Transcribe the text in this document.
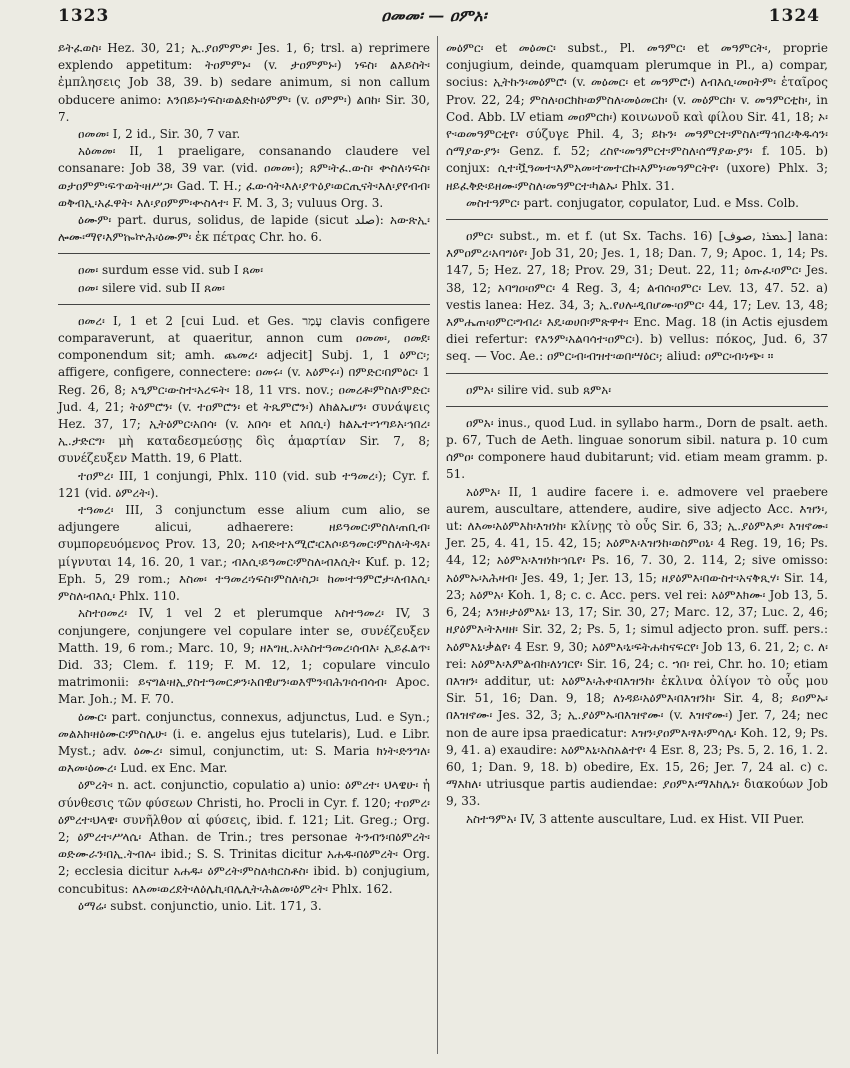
1323	ዐመመ፡ — ዐምአ፡	1324

ይትፈወስ፡ Hez. 30, 21; ኢ.ያዐምምዎ፡ Jes. 1, 6; trsl. a) reprimere explendo appetitum: ትዐምምኑ፡ (v. ታዐምምኑ፡) ነፍስ፡ ልእይስት፡ ἐμπλησεις Job 38, 39. b) sedare animum, si non callum obducere animo: እንበይኑ፡ነፍስ፡ወልድከ፡ዕምም፡ (v. ዐምም፡) ልበከ፡ Sir. 30, 7.

ዐመመ፡ I, 2 id., Sir. 30, 7 var.

አዕመመ፡ II, 1 praeligare, consanando claudere vel consanare: Job 38, 39 var. (vid. ዐመመ፡); ጸም፡ትፈ.ውስ፡ ቍስለ፡ነፍስ፡ወታዐምም፡ፍጥወት፡ዘሥጋ፡ Gad. T. H.; ፈውሳት፡እለ፡ያጥዕያ፡ወርጢናት፡እለ፡ያየብብ፡ወቅብኢ፡አፈዋት፡ እለ፡ያዐምም፡ቍስላተ፡ F. M. 3, 3; vuluus Org. 3.

ዕሙም፡ part. durus, solidus, de lapide (sicut صلد): አውጽኢ፡ሎሙ፡ማየ፡እምኰኵሕ፡ዕሙም፡ ἐκ πέτρας Chr. ho. 6.

ዐመ፡ surdum esse vid. sub I ጸመ፡

ዐመ፡ silere vid. sub II ጸመ፡

ዐመረ፡ I, 1 et 2 [cui Lud. et Ges. עָמַר clavis configere comparaverunt, at quaeritur, annon cum ዐመመ፡, ዐመደ፡ componendum sit; amh. ጨመረ፡ adjecit] Subj. 1, 1 ዕምር፡; affigere, configere, connectere: ዐመሩ፡ (v. አዕምሩ፡) በምድር፡በምዕር፡ 1 Reg. 26, 8; አዒምር፡ውስተ፡አረፍት፡ 18, 11 vrs. nov.; ዐመረቶ፡ምስለ፡ምድር፡ Jud. 4, 21; ትዕምሮን፡ (v. ተዐምሮን፡ et ትጼምሮን፡) ለክልኤሆን፡ συνάψεις Hez. 37, 17; ኢትዕምር፡አበሳ፡ (v. አበሳ፡ et አበሲ፡) ክልኤተ፡ኀጣይአ፡ኅበረ፡ኢ.ታድርግ፡ μὴ καταδεσμεύσῃς δὶς ἁμαρτίαν Sir. 7, 8; συνέζευξεν Matth. 19, 6 Platt.

ተዐምረ፡ III, 1 conjungi, Phlx. 110 (vid. sub ተዓመረ፡); Cyr. f. 121 (vid. ዕምረት፡).

ተዓመረ፡ III, 3 conjunctum esse alium cum alio, se adjungere alicui, adhaerere: ዘይዓመር፡ምስለ፡ጠቢብ፡ συμπορευόμενος Prov. 13, 20; አብድ፡ተአሚሮ፡ርእሶ፡ይዓመር፡ምስለ፡ትዳእ፡ μίγνυται 14, 16. 20, 1 var.; ብእሲ፡ይዓመር፡ምስለ፡ብእሲት፡ Kuf. p. 12; Eph. 5, 29 rom.; እስመ፡ ተዓመረ፡ነፍስ፡ምስለ፡ስጋ፡ ከመ፡ተዓምሮታ፡ለብእሲ፡ ምስለ፡ብእሲ፡ Phlx. 110.

አስተዐመረ፡ IV, 1 vel 2 et plerumque አስተዓመረ፡ IV, 3 conjungere, conjungere vel copulare inter se, συνέζευξεν Matth. 19, 6 rom.; Marc. 10, 9; ዘእግዚ.አ፡አስተዓመረ፡ሰብእ፡ ኢይፈልጥ፡ Did. 33; Clem. f. 119; F. M. 12, 1; copulare vinculo matrimonii: ይናግል፡ዘኢያስተዓመርዎን፡አበዊሆን፡ወእሞን፡በሕገ፡ሰብሳብ፡ Apoc. Mar. Joh.; M. F. 70.

ዕሙር፡ part. conjunctus, connexus, adjunctus, Lud. e Syn.; መልአክ፡ዘዕሙር፡ምስሌሁ፡ (i. e. angelus ejus tutelaris), Lud. e Libr. Myst.; adv. ዕሙረ፡ simul, conjunctim, ut: S. Maria ክነት፡ድንግለ፡ወእመ፡ዕሙረ፡ Lud. ex Enc. Mar.

ዕምረት፡ n. act. conjunctio, copulatio a) unio: ዕምረተ፡ ህላዌሁ፡ ἡ σύνθεσις τῶν φύσεων Christi, ho. Procli in Cyr. f. 120; ተዐምረ፡ዕምረተ፡ህላዌ፡ συνῆλθον αἱ φύσεις, ibid. f. 121; Lit. Greg.; Org. 2; ዕምረተ፡ሥላሴ፡ Athan. de Trin.; tres personae ትንብን፡በዕምረት፡ወድሙራን፡በኢ.ትብሉ፡ ibid.; S. S. Trinitas dicitur አሐዱ፡በዕምረት፡ Org. 2; ecclesia dicitur አሐዱ፡ ዕምረት፡ምስለ፡ክርስቶስ፡ ibid. b) conjugium, concubitus: ለእመ፡ወረደት፡ለዕሌኪ፡በሌሊት፡ሕልመ፡ዕምረት፡ Phlx. 162.

ዕማሬ፡ subst. conjunctio, unio. Lit. 171, 3.

መዕምር፡ et መዕመር፡ subst., Pl. መዓምር፡ et መዓምርት፡, proprie conjugium, deinde, quamquam plerumque in Pl., a) compar, socius: ኢትኩን፡መዕምሮ፡ (v. መዕመር፡ et መዓምሮ፡) ለብእሲ፡መዐትም፡ ἑταῖρος Prov. 22, 24; ምስለ፡ዐርክከ፡ወምስለ፡መዕመርከ፡ (v. መዕምርከ፡ v. መዓምርቲከ፡, in Cod. Abb. LV etiam መዐምርከ፡) κοινωνοῦ καὶ φίλου Sir. 41, 18; ኦ፡ዮ፡ወመዓምርቲየ፡ σύζυγε Phil. 4, 3; ይኩን፡ መዓምርተ፡ምስለ፡ማኅበረ፡ቅዱሳን፡ሰማያውያን፡ Genz. f. 52; ረስዮ፡መዓምርተ፡ምስለ፡ሰማያውያን፡ f. 105. b) conjux: ሲተ፡ቯዓመተ፡እምአመ፡ተመተርኩ፡እምነ፡መዓምርትየ፡ (uxore) Phlx. 3; ዘይፈቅድ፡ይዘሙ፡ምስለ፡መዓምርተ፡ካልኡ፡ Phlx. 31.

መስተዓምር፡ part. conjugator, copulator, Lud. e Mss. Colb.

ዐምር፡ subst., m. et f. (ut Sx. Tachs. 16) [ܥܡܪܐ ,صوف] lana: እምዐምረ፡አባግዕየ፡ Job 31, 20; Jes. 1, 18; Dan. 7, 9; Apoc. 1, 14; Ps. 147, 5; Hez. 27, 18; Prov. 29, 31; Deut. 22, 11; ዕጡፈ፡ዐምር፡ Jes. 38, 12; አባግዐ፡ዐምር፡ 4 Reg. 3, 4; ልብሰ፡ዐምር፡ Lev. 13, 47. 52. a) vestis lanea: Hez. 34, 3; ኢ.የሀሉ፡ዲበሆሙ፡ዐምር፡ 44, 17; Lev. 13, 48; እምሔጠ፡ዐምር፡ግብረ፡ እዴ፡ወሀበ፡ምጽዋተ፡ Enc. Mag. 18 (in Actis ejusdem diei refertur: የእንም፡አልባሳተ፡ዐምር፡). b) vellus: πόκος, Jud. 6, 37 seq. — Voc. Ae.: ዐምር፡ብ፡ብዝተ፡ወበ፡ሣዕር፡; aliud: ዐምር፡ብ፡ነጭ፡ ።

ዐምአ፡ silire vid. sub ጸምአ፡

ዐምአ፡ inus., quod Lud. in syllabo harm., Dorn de psalt. aeth. p. 67, Tuch de Aeth. linguae sonorum sibil. natura p. 10 cum ሰምዐ፡ componere haud dubitarunt; vid. etiam meam gramm. p. 51.

አዕምአ፡ II, 1 audire facere i. e. admovere vel praebere aurem, auscultare, attendere, audire, sive adjecto Acc. እዝን፡, ut: ለእመ፡አዕምእከ፡እዝነከ፡ κλίνῃς τὸ οὖς Sir. 6, 33; ኢ.ያዕምእዎ፡ እዝኖሙ፡ Jer. 25, 4. 41, 15. 42, 15; አዕምእ፡እዝንከ፡ወስምዐኒ፡ 4 Reg. 19, 16; Ps. 44, 12; አዕምአ፡እዝነከ፡ኅቤየ፡ Ps. 16, 7. 30, 2. 114, 2; sive omisso: አዕምኡ፡አሕዛብ፡ Jes. 49, 1; Jer. 13, 15; ዘያዕምእ፡በውስተ፡አናቅጺሃ፡ Sir. 14, 23; አዕምአ፡ Koh. 1, 8; c. c. Acc. pers. vel rei: አዕምእክሙ፡ Job 13, 5. 6, 24; እንዘ፡ታዕምእኒ፡ 13, 17; Sir. 30, 27; Marc. 12, 37; Luc. 2, 46; ዘያዕምእ፡ትእዛዘ፡ Sir. 32, 2; Ps. 5, 1; simul adjecto pron. suff. pers.: አዕምእኒ፡ቃልየ፡ 4 Esr. 9, 30; አዕምእ፡ኒ፡ፍትሐ፡ከናፍርየ፡ Job 13, 6. 21, 2; c. ለ፡ rei: አዕምእ፡እምልብከ፡ለነገርየ፡ Sir. 16, 24; c. ኀበ፡ rei, Chr. ho. 10; etiam በእዝን፡ additur, ut: አዕምእ፡ሕቀ፡በእዝንከ፡ ἐκλινα ὀλίγον τὸ οὖς μου Sir. 51, 16; Dan. 9, 18; ለነዳይ፡አዕምእ፡በእዝንከ፡ Sir. 4, 8; ይዐምኡ፡በእዝኖሙ፡ Jes. 32, 3; ኢ.ያዕምኡ፡በእዝኖሙ፡ (v. እዝኖሙ፡) Jer. 7, 24; nec non de aure ipsa praedicatur: እዝን፡ያዐምእ፡ፃእ፡ምሳሌ፡ Koh. 12, 9; Ps. 9, 41. a) exaudire: አዕምእኒ፡አስአልተየ፡ 4 Esr. 8, 23; Ps. 5, 2. 16, 1. 2. 60, 1; Dan. 9, 18. b) obedire, Ex. 15, 26; Jer. 7, 24 al. c) c. ማእከለ፡ utriusque partis audiendae: ያዐምእ፡ማእከሌነ፡ διακούων Job 9, 33.

አስተዓምአ፡ IV, 3 attente auscultare, Lud. ex Hist. VII Puer.
